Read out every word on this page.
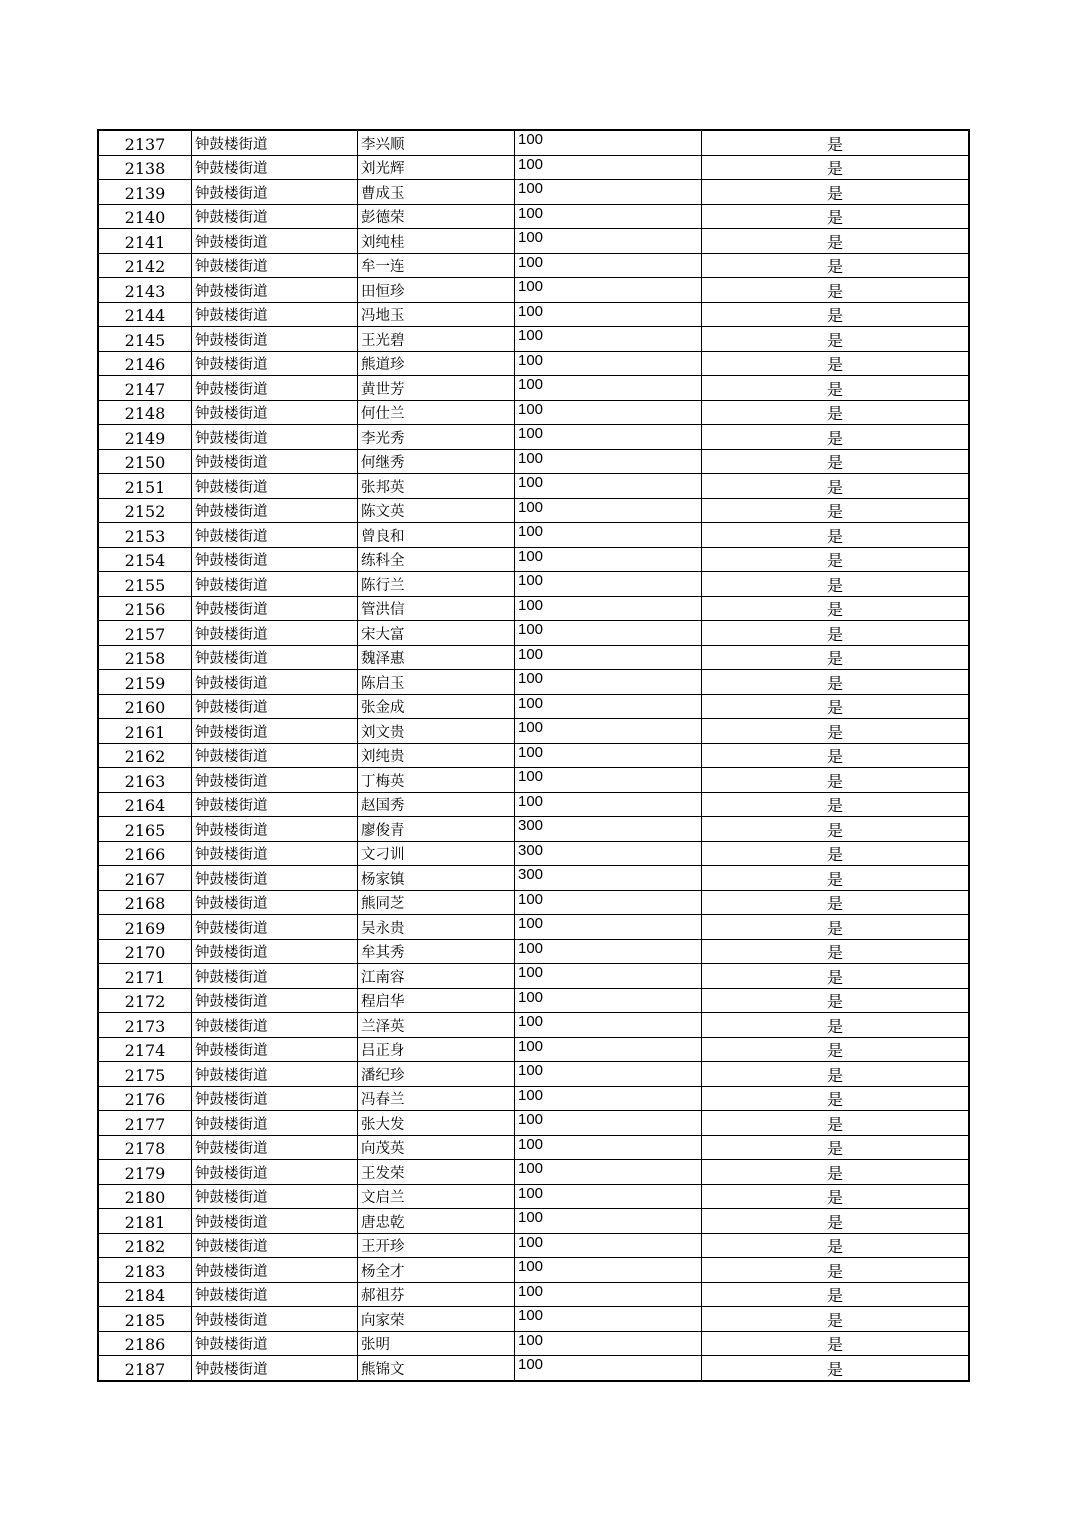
2137	钟鼓楼街道	李兴顺	100	是
2138	钟鼓楼街道	刘光辉	100	是
2139	钟鼓楼街道	曹成玉	100	是
2140	钟鼓楼街道	彭德荣	100	是
2141	钟鼓楼街道	刘纯桂	100	是
2142	钟鼓楼街道	牟一连	100	是
2143	钟鼓楼街道	田恒珍	100	是
2144	钟鼓楼街道	冯地玉	100	是
2145	钟鼓楼街道	王光碧	100	是
2146	钟鼓楼街道	熊道珍	100	是
2147	钟鼓楼街道	黄世芳	100	是
2148	钟鼓楼街道	何仕兰	100	是
2149	钟鼓楼街道	李光秀	100	是
2150	钟鼓楼街道	何继秀	100	是
2151	钟鼓楼街道	张邦英	100	是
2152	钟鼓楼街道	陈文英	100	是
2153	钟鼓楼街道	曾良和	100	是
2154	钟鼓楼街道	练科全	100	是
2155	钟鼓楼街道	陈行兰	100	是
2156	钟鼓楼街道	管洪信	100	是
2157	钟鼓楼街道	宋大富	100	是
2158	钟鼓楼街道	魏泽惠	100	是
2159	钟鼓楼街道	陈启玉	100	是
2160	钟鼓楼街道	张金成	100	是
2161	钟鼓楼街道	刘文贵	100	是
2162	钟鼓楼街道	刘纯贵	100	是
2163	钟鼓楼街道	丁梅英	100	是
2164	钟鼓楼街道	赵国秀	100	是
2165	钟鼓楼街道	廖俊青	300	是
2166	钟鼓楼街道	文刁训	300	是
2167	钟鼓楼街道	杨家镇	300	是
2168	钟鼓楼街道	熊同芝	100	是
2169	钟鼓楼街道	吴永贵	100	是
2170	钟鼓楼街道	牟其秀	100	是
2171	钟鼓楼街道	江南容	100	是
2172	钟鼓楼街道	程启华	100	是
2173	钟鼓楼街道	兰泽英	100	是
2174	钟鼓楼街道	吕正身	100	是
2175	钟鼓楼街道	潘纪珍	100	是
2176	钟鼓楼街道	冯春兰	100	是
2177	钟鼓楼街道	张大发	100	是
2178	钟鼓楼街道	向茂英	100	是
2179	钟鼓楼街道	王发荣	100	是
2180	钟鼓楼街道	文启兰	100	是
2181	钟鼓楼街道	唐忠乾	100	是
2182	钟鼓楼街道	王开珍	100	是
2183	钟鼓楼街道	杨全才	100	是
2184	钟鼓楼街道	郝祖芬	100	是
2185	钟鼓楼街道	向家荣	100	是
2186	钟鼓楼街道	张明	100	是
2187	钟鼓楼街道	熊锦文	100	是
